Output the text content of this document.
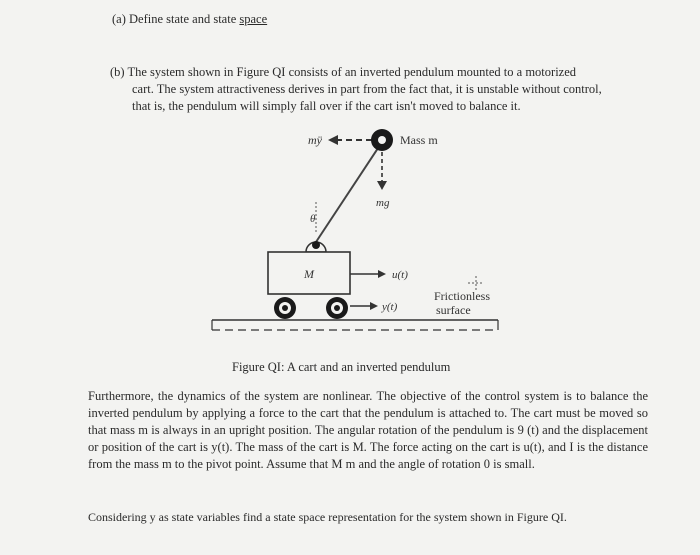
(a) Define state and state space
(b) The system shown in Figure QI consists of an inverted pendulum mounted to a motorized

cart. The system attractiveness derives in part from the fact that, it is unstable without control,
that is, the pendulum will simply fall over if the cart isn't moved to balance it.
mÿ	Mass m
mg
θ
M	u(t)
y(t)
Frictionless
surface
Figure QI: A cart and an inverted pendulum
Furthermore, the dynamics of the system are nonlinear. The objective of the control system is to balance the inverted pendulum by applying a force to the cart that the pendulum is attached to. The cart must be moved so that mass m is always in an upright position. The angular rotation of the pendulum is 9 (t) and the displacement or position of the cart is y(t). The mass of the cart is M. The force acting on the cart is u(t), and I is the distance from the mass m to the pivot point. Assume that M m and the angle of rotation 0 is small.
Considering y as state variables find a state space representation for the system shown in Figure QI.
